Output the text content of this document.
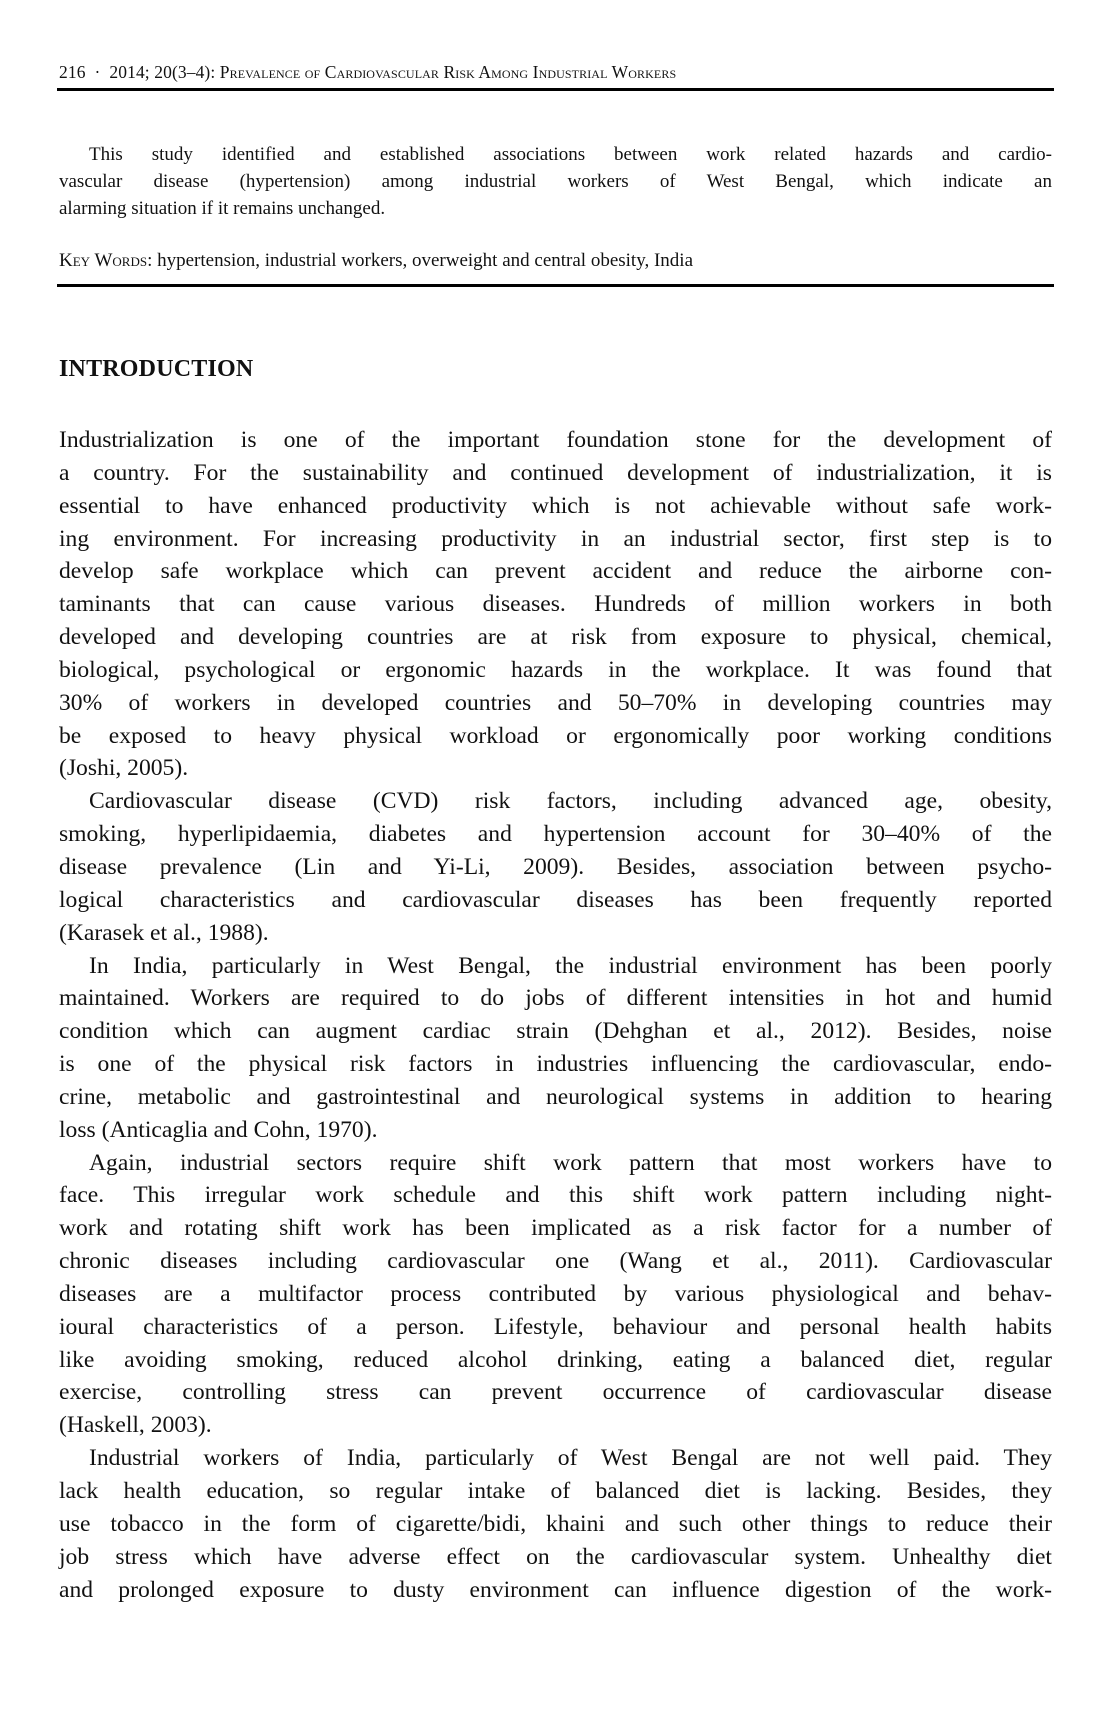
216 · 2014; 20(3–4): Prevalence of Cardiovascular Risk Among Industrial Workers
This study identified and established associations between work related hazards and cardio-
vascular disease (hypertension) among industrial workers of West Bengal, which indicate an
alarming situation if it remains unchanged.
Key Words: hypertension, industrial workers, overweight and central obesity, India
INTRODUCTION
Industrialization is one of the important foundation stone for the development of
a country. For the sustainability and continued development of industrialization, it is
essential to have enhanced productivity which is not achievable without safe work-
ing environment. For increasing productivity in an industrial sector, first step is to
develop safe workplace which can prevent accident and reduce the airborne con-
taminants that can cause various diseases. Hundreds of million workers in both
developed and developing countries are at risk from exposure to physical, chemical,
biological, psychological or ergonomic hazards in the workplace. It was found that
30% of workers in developed countries and 50–70% in developing countries may
be exposed to heavy physical workload or ergonomically poor working conditions
(Joshi, 2005).
Cardiovascular disease (CVD) risk factors, including advanced age, obesity,
smoking, hyperlipidaemia, diabetes and hypertension account for 30–40% of the
disease prevalence (Lin and Yi-Li, 2009). Besides, association between psycho-
logical characteristics and cardiovascular diseases has been frequently reported
(Karasek et al., 1988).
In India, particularly in West Bengal, the industrial environment has been poorly
maintained. Workers are required to do jobs of different intensities in hot and humid
condition which can augment cardiac strain (Dehghan et al., 2012). Besides, noise
is one of the physical risk factors in industries influencing the cardiovascular, endo-
crine, metabolic and gastrointestinal and neurological systems in addition to hearing
loss (Anticaglia and Cohn, 1970).
Again, industrial sectors require shift work pattern that most workers have to
face. This irregular work schedule and this shift work pattern including night-
work and rotating shift work has been implicated as a risk factor for a number of
chronic diseases including cardiovascular one (Wang et al., 2011). Cardiovascular
diseases are a multifactor process contributed by various physiological and behav-
ioural characteristics of a person. Lifestyle, behaviour and personal health habits
like avoiding smoking, reduced alcohol drinking, eating a balanced diet, regular
exercise, controlling stress can prevent occurrence of cardiovascular disease
(Haskell, 2003).
Industrial workers of India, particularly of West Bengal are not well paid. They
lack health education, so regular intake of balanced diet is lacking. Besides, they
use tobacco in the form of cigarette/bidi, khaini and such other things to reduce their
job stress which have adverse effect on the cardiovascular system. Unhealthy diet
and prolonged exposure to dusty environment can influence digestion of the work-
